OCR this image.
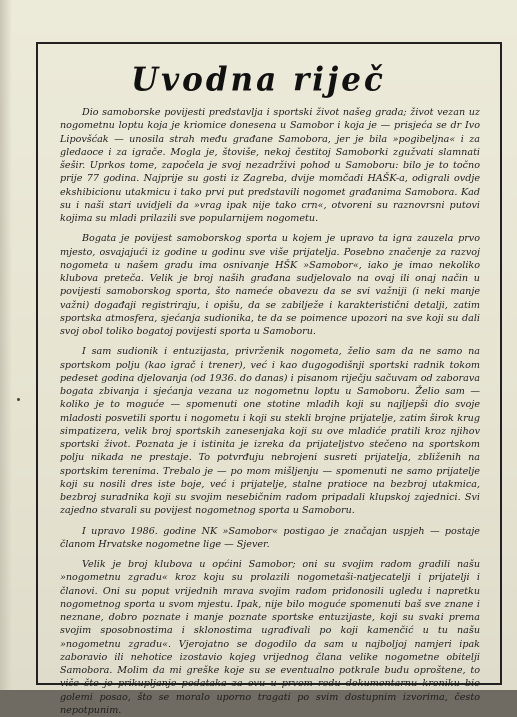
Uvodna riječ

Dio samoborske povijesti predstavlja i sportski život našeg grada; život vezan uz nogometnu loptu koja je kriomice donesena u Samobor i koja je — prisjeća se dr Ivo Lipovšćak — unosila strah među građane Samobora, jer je bila »pogibeljna« i za gledaoce i za igrače. Mogla je, štoviše, nekoj čestitoj Samoborki zgužvati slamnati šešir. Uprkos tome, započela je svoj nezadrživi pohod u Samoboru: bilo je to točno prije 77 godina. Najprije su gosti iz Zagreba, dvije momčadi HAŠK-a, odigrali ovdje ekshibicionu utakmicu i tako prvi put predstavili nogomet građanima Samobora. Kad su i naši stari uvidjeli da »vrag ipak nije tako crn«, otvoreni su raznovrsni putovi kojima su mladi prilazili sve popularnijem nogometu.

Bogata je povijest samoborskog sporta u kojem je upravo ta igra zauzela prvo mjesto, osvajajući iz godine u godinu sve više prijatelja. Posebno značenje za razvoj nogometa u našem gradu ima osnivanje HŠK »Samobor«, iako je imao nekoliko klubova preteča. Velik je broj naših građana sudjelovalo na ovaj ili onaj način u povijesti samoborskog sporta, što nameće obavezu da se svi važniji (i neki manje važni) događaji registriraju, i opišu, da se zabilježe i karakteristični detalji, zatim sportska atmosfera, sjećanja sudionika, te da se poimence upozori na sve koji su dali svoj obol toliko bogatoj povijesti sporta u Samoboru.

I sam sudionik i entuzijasta, privrženik nogometa, želio sam da ne samo na sportskom polju (kao igrač i trener), već i kao dugogodišnji sportski radnik tokom pedeset godina djelovanja (od 1936. do danas) i pisanom riječju sačuvam od zaborava bogata zbivanja i sjećanja vezana uz nogometnu loptu u Samoboru. Želio sam — koliko je to moguće — spomenuti one stotine mladih koji su najljepši dio svoje mladosti posvetili sportu i nogometu i koji su stekli brojne prijatelje, zatim širok krug simpatizera, velik broj sportskih zanesenjaka koji su ove mladiće pratili kroz njihov sportski život. Poznata je i istinita je izreka da prijateljstvo stečeno na sportskom polju nikada ne prestaje. To potvrđuju nebrojeni susreti prijatelja, zbliženih na sportskim terenima. Trebalo je — po mom mišljenju — spomenuti ne samo prijatelje koji su nosili dres iste boje, već i prijatelje, stalne pratioce na bezbroj utakmica, bezbroj suradnika koji su svojim nesebičnim radom pripadali klupskoj zajednici. Svi zajedno stvarali su povijest nogometnog sporta u Samoboru.

I upravo 1986. godine NK »Samobor« postigao je značajan uspjeh — postaje članom Hrvatske nogometne lige — Sjever.

Velik je broj klubova u općini Samobor; oni su svojim radom gradili našu »nogometnu zgradu« kroz koju su prolazili nogometaši-natjecatelji i prijatelji i članovi. Oni su poput vrijednih mrava svojim radom pridonosili ugledu i napretku nogometnog sporta u svom mjestu. Ipak, nije bilo moguće spomenuti baš sve znane i neznane, dobro poznate i manje poznate sportske entuzijaste, koji su svaki prema svojim sposobnostima i sklonostima ugrađivali po koji kamenčić u tu našu »nogometnu zgradu«. Vjerojatno se dogodilo da sam u najboljoj namjeri ipak zaboravio ili nehotice izostavio kojeg vrijednog člana velike nogometne obitelji Samobora. Molim da mi greške koje su se eventualno potkrale budu oproštene, to više što je prikupljanje podataka za ovu u prvom redu dokumentarnu kroniku bio golemi posao, što se moralo uporno tragati po svim dostupnim izvorima, često nepotpunim.
